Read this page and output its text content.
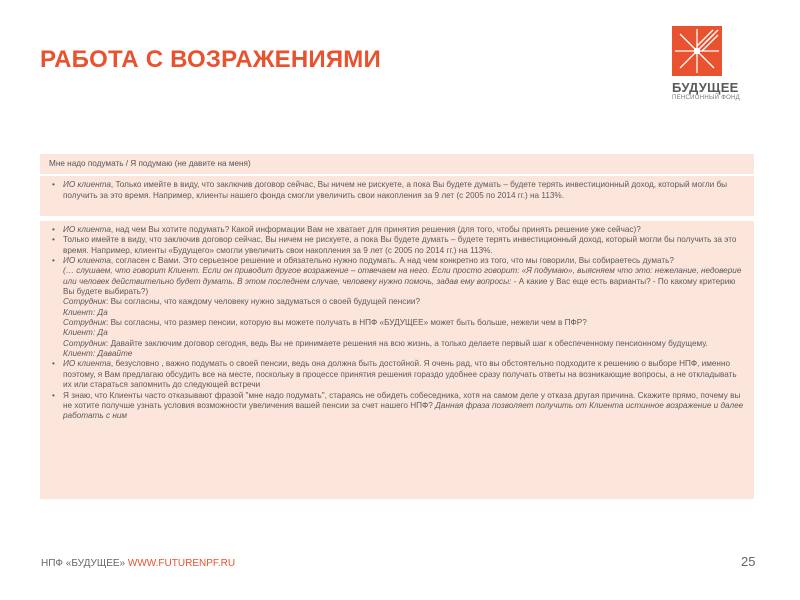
РАБОТА С ВОЗРАЖЕНИЯМИ
БУДУЩЕЕ
ПЕНСИОННЫЙ ФОНД
Мне надо подумать / Я подумаю (не давите на меня)

• ИО клиента, Только имейте в виду, что заключив договор сейчас, Вы ничем не рискуете, а пока Вы будете думать – будете терять инвестиционный доход, который могли бы получить за это время. Например, клиенты нашего фонда смогли увеличить свои накопления за 9 лет (с 2005 по 2014 гг.) на 113%.

• ИО клиента, над чем Вы хотите подумать? Какой информации Вам не хватает для принятия решения (для того, чтобы принять решение уже сейчас)?

• Только имейте в виду, что заключив договор сейчас, Вы ничем не рискуете, а пока Вы будете думать – будете терять инвестиционный доход, который могли бы получить за это время. Например, клиенты «Будущего» смогли увеличить свои накопления за 9 лет (с 2005 по 2014 гг.) на 113%.

• ИО клиента, согласен с Вами. Это серьезное решение и обязательно нужно подумать. А над чем конкретно из того, что мы говорили, Вы собираетесь думать?

(… слушаем, что говорит Клиент. Если он приводит другое возражение – отвечаем на него. Если просто говорит: «Я подумаю», выясняем что это: нежелание, недоверие или человек действительно будет думать. В этом последнем случае, человеку нужно помочь, задав ему вопросы: - А какие у Вас еще есть варианты? - По какому критерию Вы будете выбирать?)

Сотрудник: Вы согласны, что каждому человеку нужно задуматься о своей будущей пенсии?

Клиент: Да

Сотрудник: Вы согласны, что размер пенсии, которую вы можете получать в НПФ «БУДУЩЕЕ» может быть больше, нежели чем в ПФР?

Клиент: Да

Сотрудник: Давайте заключим договор сегодня, ведь Вы не принимаете решения на всю жизнь, а только делаете первый шаг к обеспеченному пенсионному будущему.

Клиент: Давайте

• ИО клиента, безусловно , важно подумать о своей пенсии, ведь она должна быть достойной. Я очень рад, что вы обстоятельно подходите к решению о выборе НПФ, именно поэтому, я Вам предлагаю обсудить все на месте, поскольку в процессе принятия решения гораздо удобнее сразу получать ответы на возникающие вопросы, а не откладывать их или стараться запомнить до следующей встречи

• Я знаю, что Клиенты часто отказывают фразой "мне надо подумать", стараясь не обидеть собеседника, хотя на самом деле у отказа другая причина. Скажите прямо, почему вы не хотите получше узнать условия возможности увеличения вашей пенсии за счет нашего НПФ? Данная фраза позволяет получить от Клиента истинное возражение и далее работать с ним

НПФ «БУДУЩЕЕ» WWW.FUTURENPF.RU	25
